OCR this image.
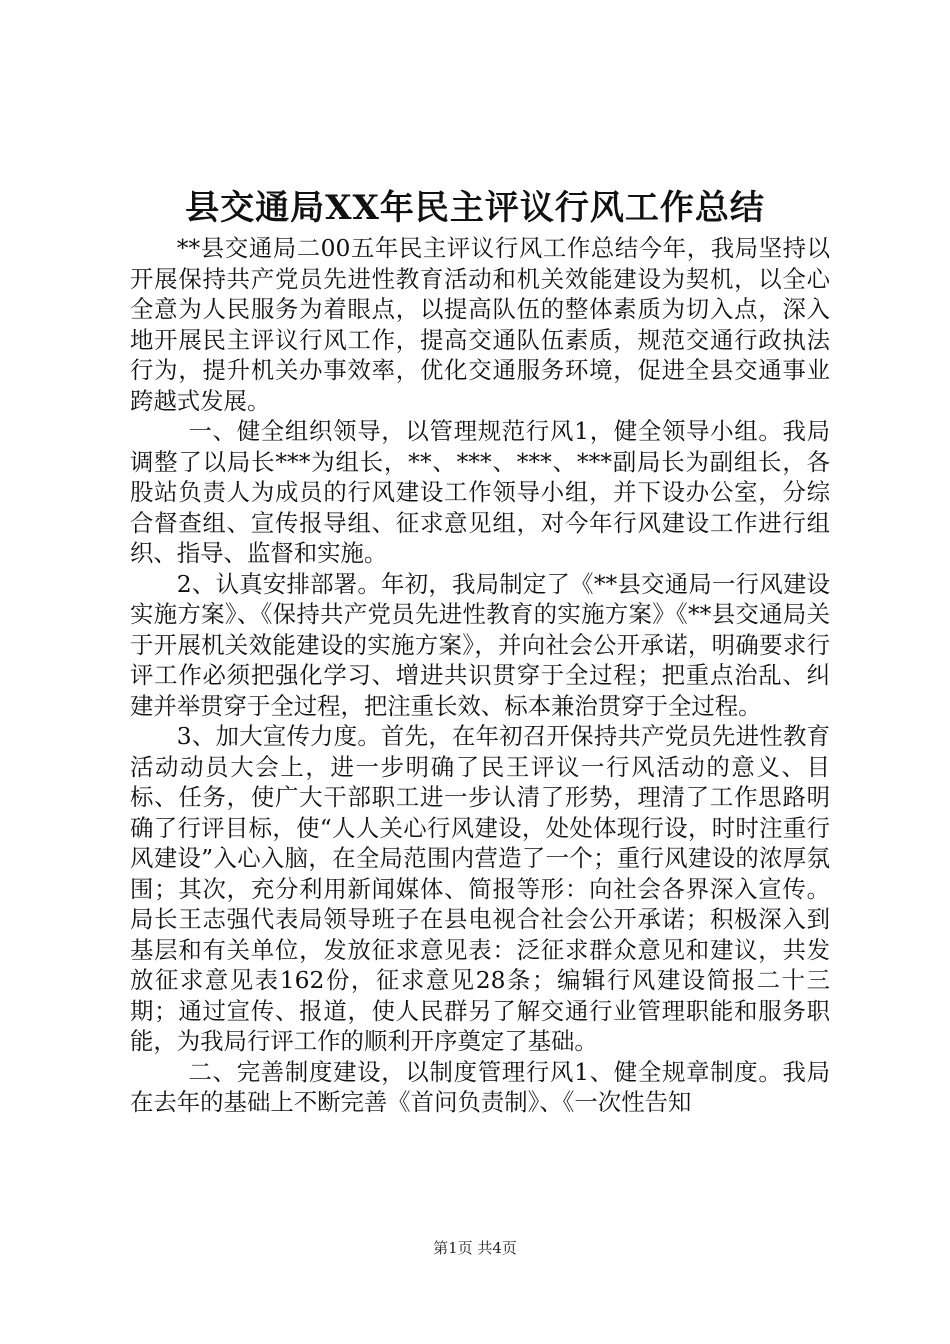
县交通局XX年民主评议行风工作总结

**县交通局二00五年民主评议行风工作总结今年，我局坚持以开展保持共产党员先进性教育活动和机关效能建设为契机，以全心全意为人民服务为着眼点，以提高队伍的整体素质为切入点，深入地开展民主评议行风工作，提高交通队伍素质，规范交通行政执法行为，提升机关办事效率，优化交通服务环境，促进全县交通事业跨越式发展。

一、健全组织领导，以管理规范行风1，健全领导小组。我局调整了以局长***为组长，**、***、***、***副局长为副组长，各股站负责人为成员的行风建设工作领导小组，并下设办公室，分综合督查组、宣传报导组、征求意见组，对今年行风建设工作进行组织、指导、监督和实施。

2、认真安排部署。年初，我局制定了《**县交通局一行风建设实施方案》、《保持共产党员先进性教育的实施方案》《**县交通局关于开展机关效能建设的实施方案》，并向社会公开承诺，明确要求行评工作必须把强化学习、增进共识贯穿于全过程；把重点治乱、纠建并举贯穿于全过程，把注重长效、标本兼治贯穿于全过程。

3、加大宣传力度。首先，在年初召开保持共产党员先进性教育活动动员大会上，进一步明确了民王评议一行风活动的意义、目标、任务，使广大干部职工进一步认清了形势，理清了工作思路明确了行评目标，使“人人关心行风建设，处处体现行设，时时注重行风建设”入心入脑，在全局范围内营造了一个；重行风建设的浓厚氛围；其次，充分利用新闻媒体、简报等形：向社会各界深入宣传。局长王志强代表局领导班子在县电视合社会公开承诺；积极深入到基层和有关单位，发放征求意见表：泛征求群众意见和建议，共发放征求意见表162份，征求意见28条；编辑行风建设简报二十三期；通过宣传、报道，使人民群另了解交通行业管理职能和服务职能，为我局行评工作的顺利开序奠定了基础。

二、完善制度建设，以制度管理行风1、健全规章制度。我局在去年的基础上不断完善《首问负责制》、《一次性告知

第1页 共4页
